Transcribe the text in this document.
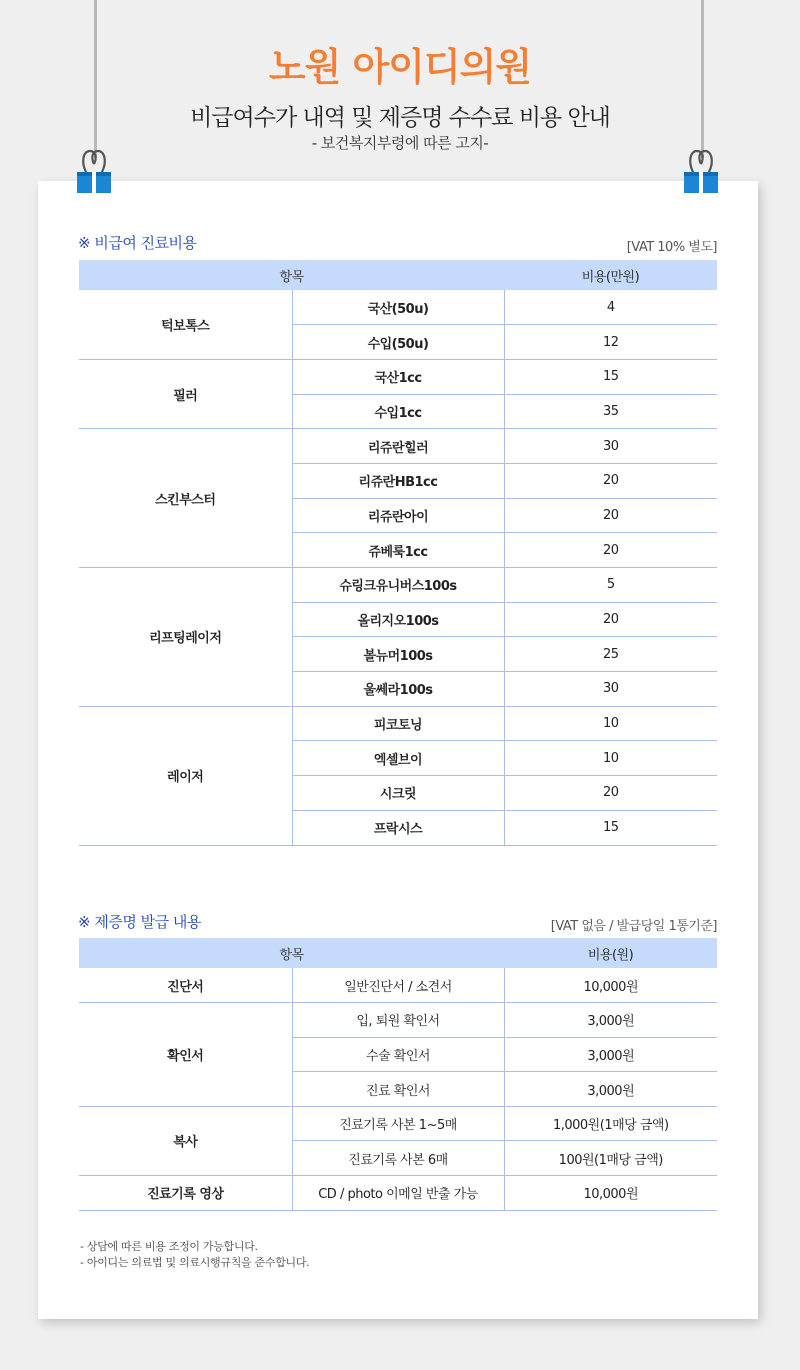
노원 아이디의원
비급여수가 내역 및 제증명 수수료 비용 안내
- 보건복지부령에 따른 고지-
※ 비급여 진료비용	[VAT 10% 별도]
항목		비용(만원)
턱보톡스	국산(50u)	4
	수입(50u)	12
필러	국산1cc	15
	수입1cc	35
스킨부스터	리쥬란힐러	30
	리쥬란HB1cc	20
	리쥬란아이	20
	쥬베룩1cc	20
리프팅레이저	슈링크유니버스100s	5
	올리지오100s	20
	볼뉴머100s	25
	울쎄라100s	30
레이저	피코토닝	10
	엑셀브이	10
	시크릿	20
	프락시스	15
※ 제증명 발급 내용	[VAT 없음 / 발급당일 1통기준]
항목		비용(원)
진단서	일반진단서 / 소견서	10,000원
확인서	입, 퇴원 확인서	3,000원
	수술 확인서	3,000원
	진료 확인서	3,000원
복사	진료기록 사본 1~5매	1,000원(1매당 금액)
	진료기록 사본 6매	100원(1매당 금액)
진료기록 영상	CD / photo 이메일 반출 가능	10,000원
- 상담에 따른 비용 조정이 가능합니다.
- 아이디는 의료법 및 의료시행규칙을 준수합니다.
